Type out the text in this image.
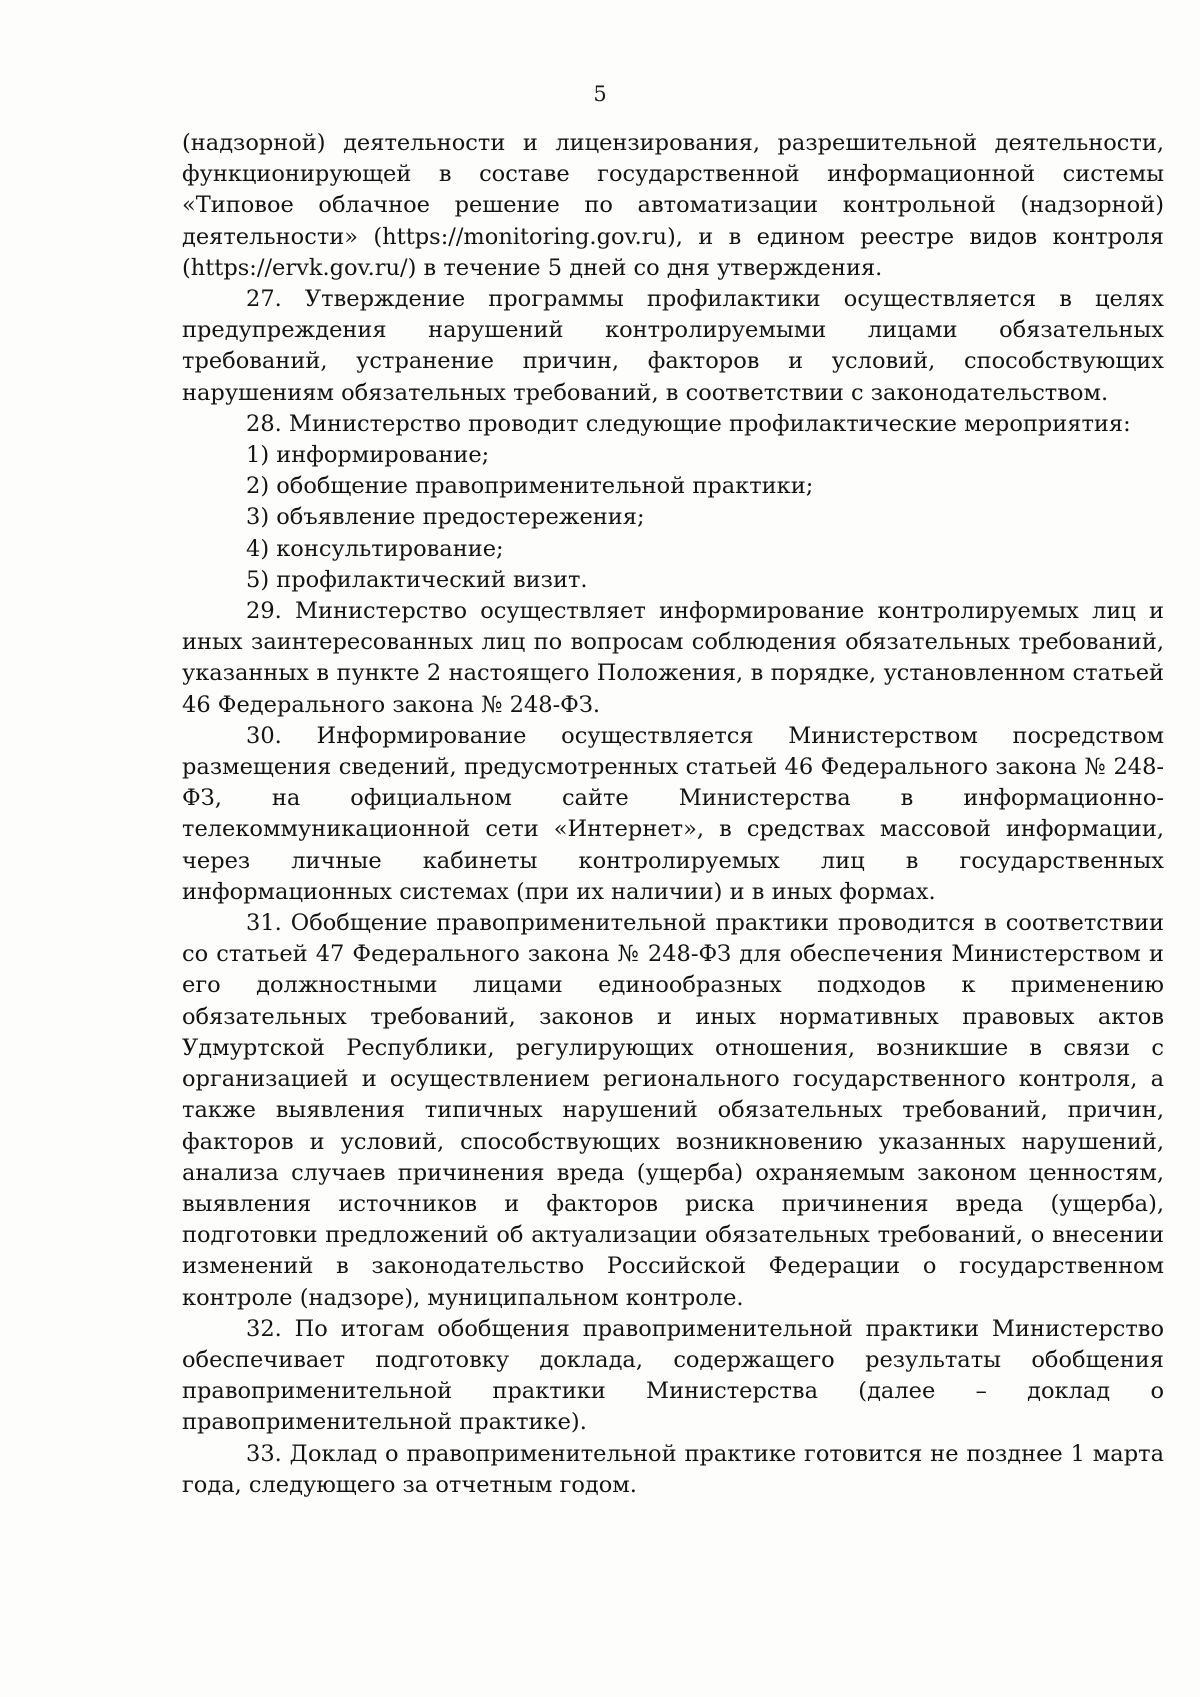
5

(надзорной) деятельности и лицензирования, разрешительной деятельности, функционирующей в составе государственной информационной системы «Типовое облачное решение по автоматизации контрольной (надзорной) деятельности» (https://monitoring.gov.ru), и в едином реестре видов контроля (https://ervk.gov.ru/) в течение 5 дней со дня утверждения.

27. Утверждение программы профилактики осуществляется в целях предупреждения нарушений контролируемыми лицами обязательных требований, устранение причин, факторов и условий, способствующих нарушениям обязательных требований, в соответствии с законодательством.

28. Министерство проводит следующие профилактические мероприятия:

1) информирование;

2) обобщение правоприменительной практики;

3) объявление предостережения;

4) консультирование;

5) профилактический визит.

29. Министерство осуществляет информирование контролируемых лиц и иных заинтересованных лиц по вопросам соблюдения обязательных требований, указанных в пункте 2 настоящего Положения, в порядке, установленном статьей 46 Федерального закона № 248-ФЗ.

30. Информирование осуществляется Министерством посредством размещения сведений, предусмотренных статьей 46 Федерального закона № 248-ФЗ, на официальном сайте Министерства в информационно-телекоммуникационной сети «Интернет», в средствах массовой информации, через личные кабинеты контролируемых лиц в государственных информационных системах (при их наличии) и в иных формах.

31. Обобщение правоприменительной практики проводится в соответствии со статьей 47 Федерального закона № 248-ФЗ для обеспечения Министерством и его должностными лицами единообразных подходов к применению обязательных требований, законов и иных нормативных правовых актов Удмуртской Республики, регулирующих отношения, возникшие в связи с организацией и осуществлением регионального государственного контроля, а также выявления типичных нарушений обязательных требований, причин, факторов и условий, способствующих возникновению указанных нарушений, анализа случаев причинения вреда (ущерба) охраняемым законом ценностям, выявления источников и факторов риска причинения вреда (ущерба), подготовки предложений об актуализации обязательных требований, о внесении изменений в законодательство Российской Федерации о государственном контроле (надзоре), муниципальном контроле.

32. По итогам обобщения правоприменительной практики Министерство обеспечивает подготовку доклада, содержащего результаты обобщения правоприменительной практики Министерства (далее – доклад о правоприменительной практике).

33. Доклад о правоприменительной практике готовится не позднее 1 марта года, следующего за отчетным годом.
